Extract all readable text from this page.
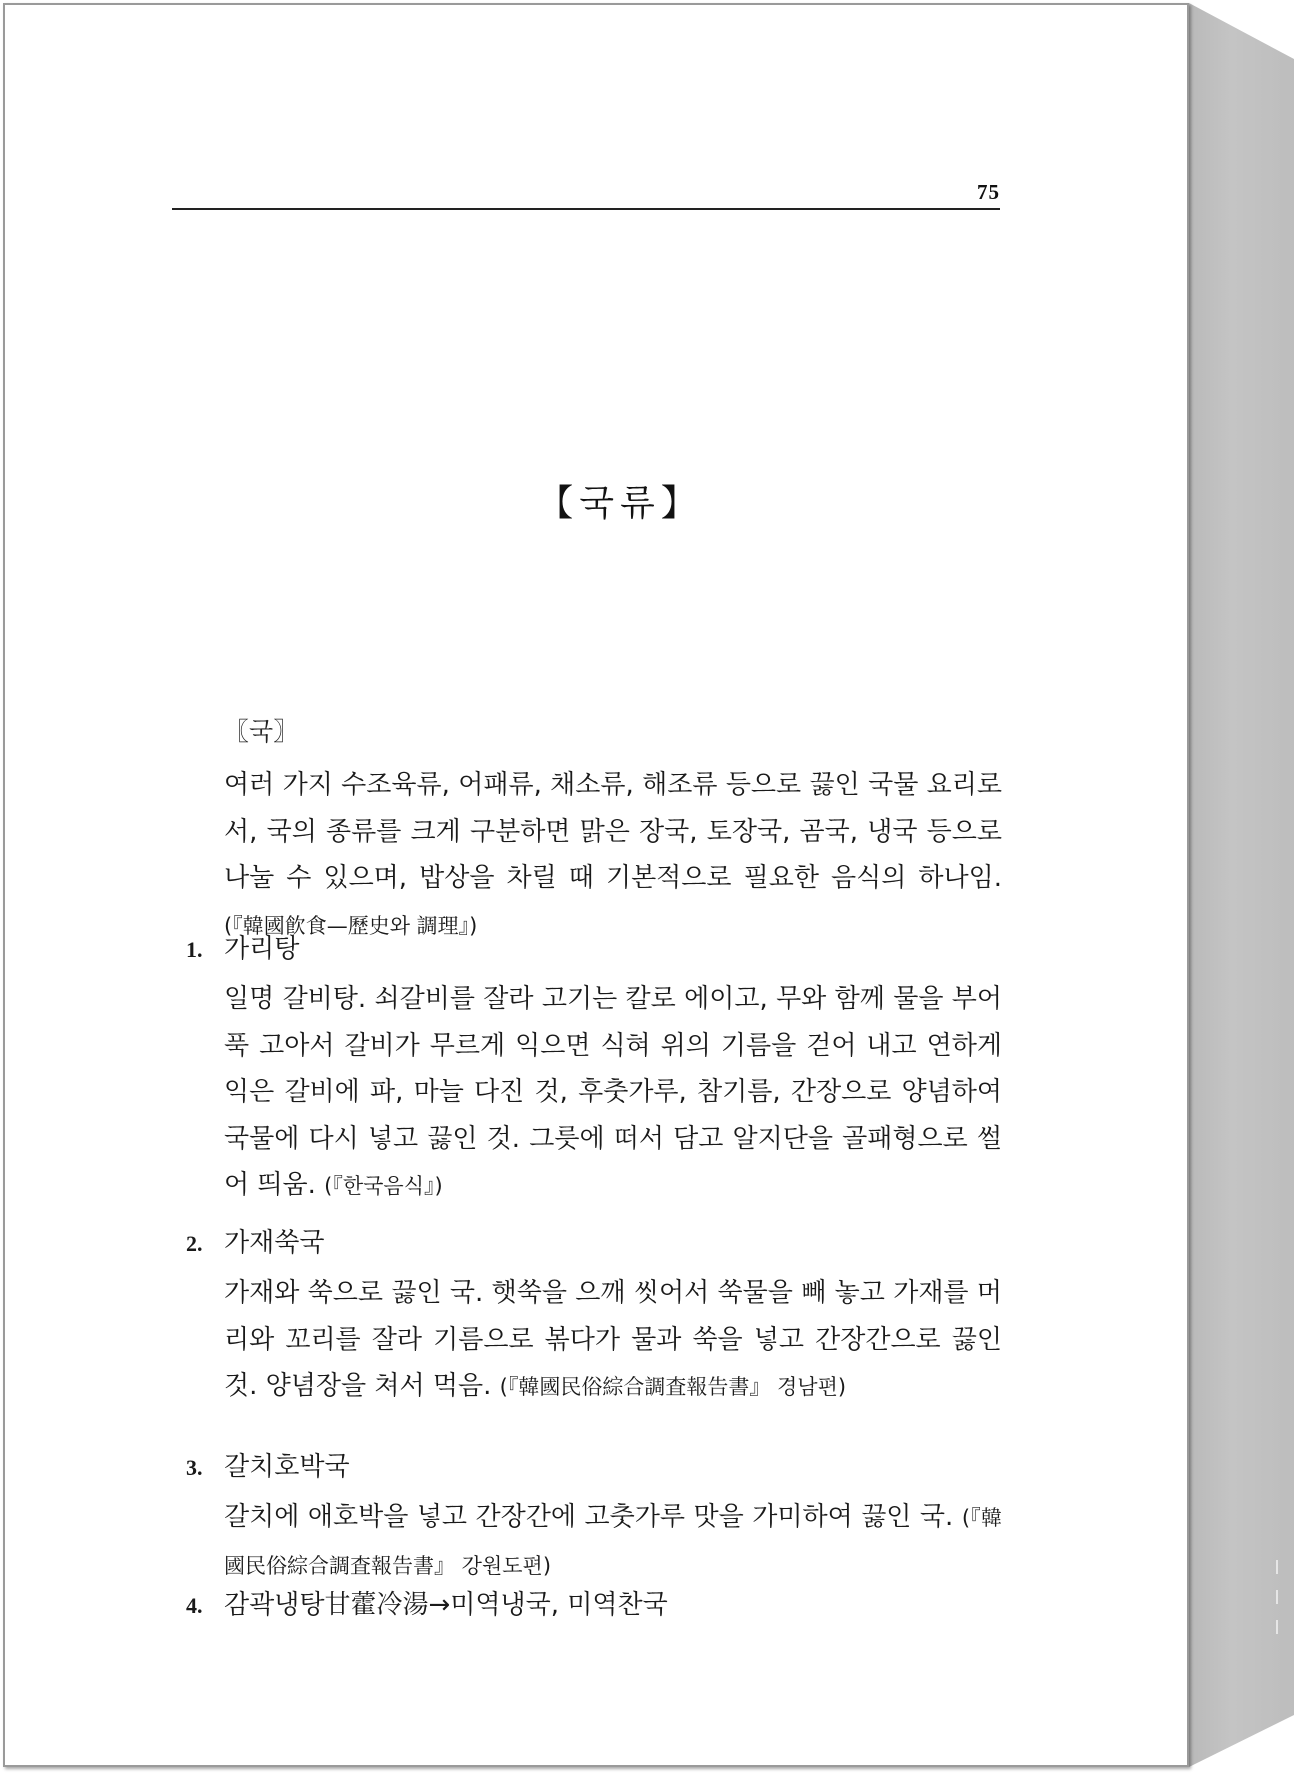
75
【국류】
〖국〗

여러 가지 수조육류, 어패류, 채소류, 해조류 등으로 끓인 국물 요리로서, 국의 종류를 크게 구분하면 맑은 장국, 토장국, 곰국, 냉국 등으로 나눌 수 있으며, 밥상을 차릴 때 기본적으로 필요한 음식의 하나임. (『韓國飮食—歷史와 調理』)

1. 가리탕

일명 갈비탕. 쇠갈비를 잘라 고기는 칼로 에이고, 무와 함께 물을 부어 푹 고아서 갈비가 무르게 익으면 식혀 위의 기름을 걷어 내고 연하게 익은 갈비에 파, 마늘 다진 것, 후춧가루, 참기름, 간장으로 양념하여 국물에 다시 넣고 끓인 것. 그릇에 떠서 담고 알지단을 골패형으로 썰어 띄움. (『한국음식』)

2. 가재쑥국

가재와 쑥으로 끓인 국. 햇쑥을 으깨 씻어서 쑥물을 빼 놓고 가재를 머리와 꼬리를 잘라 기름으로 볶다가 물과 쑥을 넣고 간장간으로 끓인 것. 양념장을 쳐서 먹음. (『韓國民俗綜合調査報告書』 경남편)

3. 갈치호박국

갈치에 애호박을 넣고 간장간에 고춧가루 맛을 가미하여 끓인 국. (『韓國民俗綜合調査報告書』 강원도편)

4. 감곽냉탕甘藿冷湯→미역냉국, 미역찬국
